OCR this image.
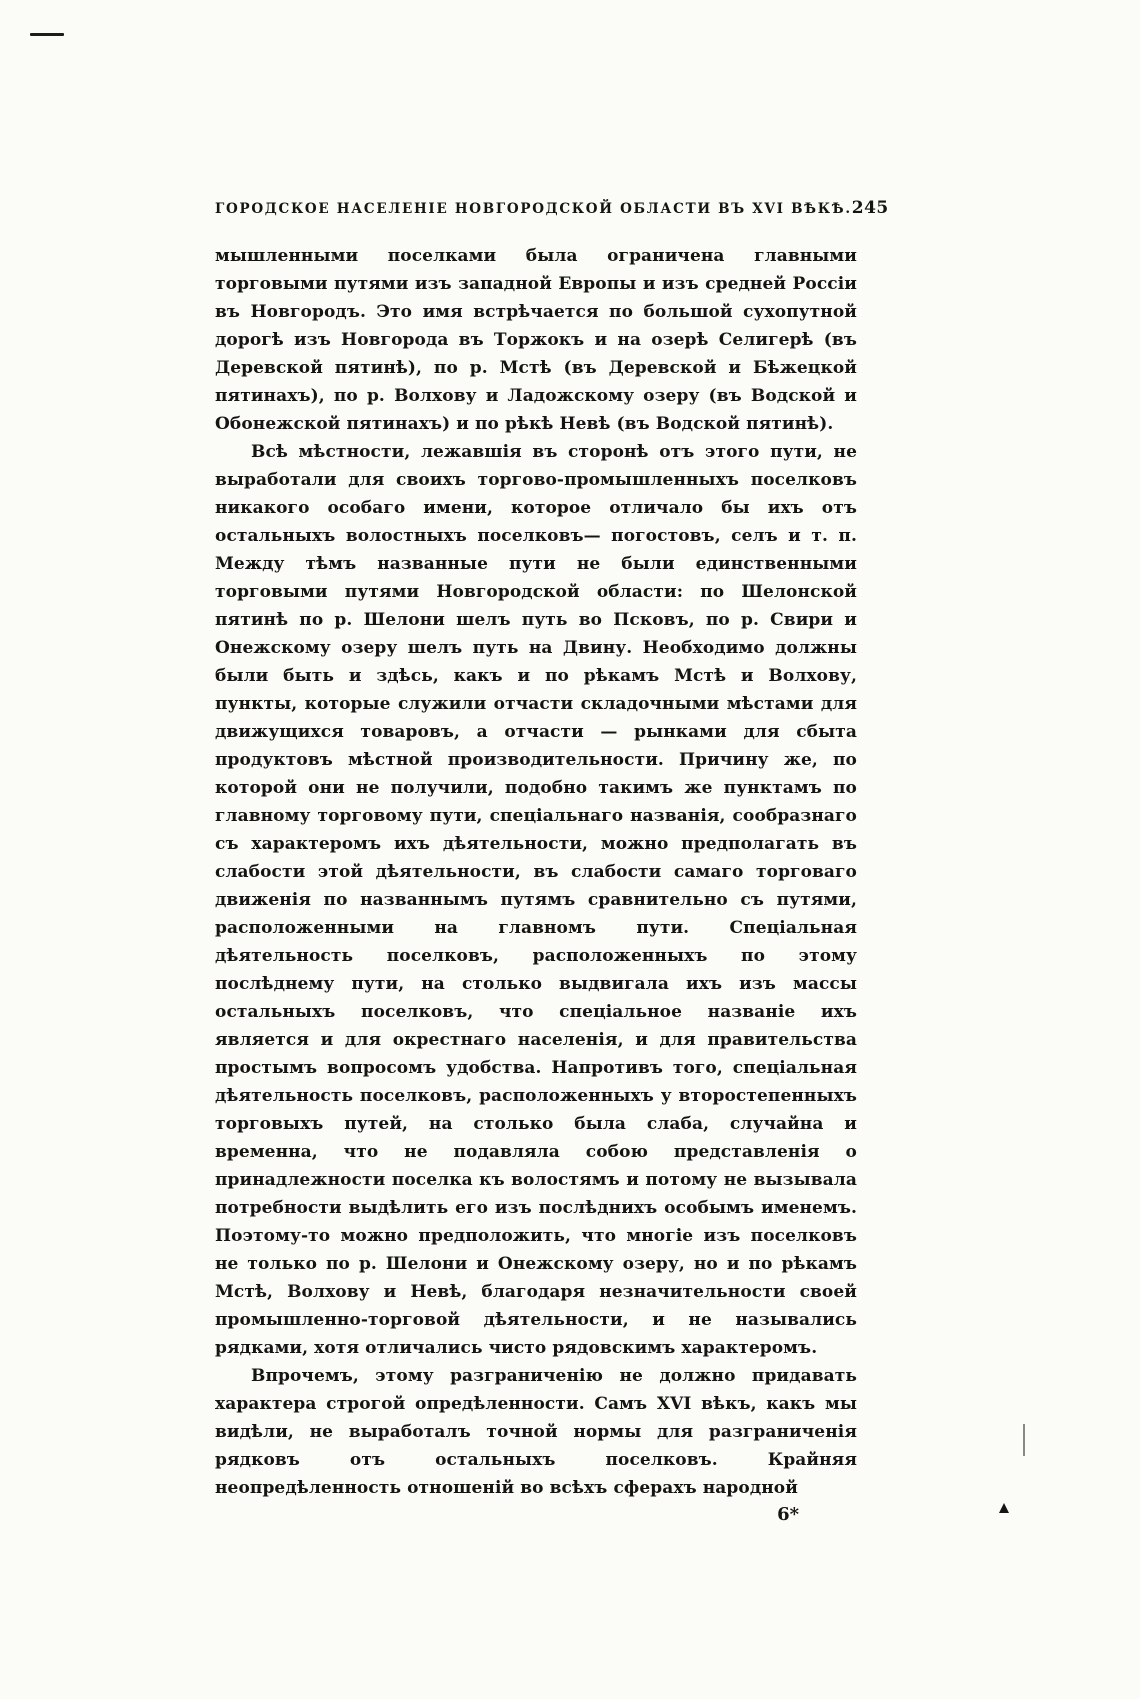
ГОРОДСКОЕ НАСЕЛЕНІЕ НОВГОРОДСКОЙ ОБЛАСТИ ВЪ XVI ВѢКѢ. 245

мышленными поселками была ограничена главными торговыми путями изъ западной Европы и изъ средней Россіи въ Новгородъ. Это имя встрѣчается по большой сухопутной дорогѣ изъ Новгорода въ Торжокъ и на озерѣ Селигерѣ (въ Деревской пятинѣ), по р. Мстѣ (въ Деревской и Бѣжецкой пятинахъ), по р. Волхову и Ладожскому озеру (въ Водской и Обонежской пятинахъ) и по рѣкѣ Невѣ (въ Водской пятинѣ).

Всѣ мѣстности, лежавшія въ сторонѣ отъ этого пути, не выработали для своихъ торгово-промышленныхъ поселковъ никакого особаго имени, которое отличало бы ихъ отъ остальныхъ волостныхъ поселковъ— погостовъ, селъ и т. п. Между тѣмъ названные пути не были единственными торговыми путями Новгородской области: по Шелонской пятинѣ по р. Шелони шелъ путь во Псковъ, по р. Свири и Онежскому озеру шелъ путь на Двину. Необходимо должны были быть и здѣсь, какъ и по рѣкамъ Мстѣ и Волхову, пункты, которые служили отчасти складочными мѣстами для движущихся товаровъ, а отчасти — рынками для сбыта продуктовъ мѣстной производительности. Причину же, по которой они не получили, подобно такимъ же пунктамъ по главному торговому пути, спеціальнаго названія, сообразнаго съ характеромъ ихъ дѣятельности, можно предполагать въ слабости этой дѣятельности, въ слабости самаго торговаго движенія по названнымъ путямъ сравнительно съ путями, расположенными на главномъ пути. Спеціальная дѣятельность поселковъ, расположенныхъ по этому послѣднему пути, на столько выдвигала ихъ изъ массы остальныхъ поселковъ, что спеціальное названіе ихъ является и для окрестнаго населенія, и для правительства простымъ вопросомъ удобства. Напротивъ того, спеціальная дѣятельность поселковъ, расположенныхъ у второстепенныхъ торговыхъ путей, на столько была слаба, случайна и временна, что не подавляла собою представленія о принадлежности поселка къ волостямъ и потому не вызывала потребности выдѣлить его изъ послѣднихъ особымъ именемъ. Поэтому-то можно предположить, что многіе изъ поселковъ не только по р. Шелони и Онежскому озеру, но и по рѣкамъ Мстѣ, Волхову и Невѣ, благодаря незначительности своей промышленно-торговой дѣятельности, и не назывались рядками, хотя отличались чисто рядовскимъ характеромъ.

Впрочемъ, этому разграниченію не должно придавать характера строгой опредѣленности. Самъ XVI вѣкъ, какъ мы видѣли, не выработалъ точной нормы для разграниченія рядковъ отъ остальныхъ поселковъ. Крайняя неопредѣленность отношеній во всѣхъ сферахъ народной

6*
